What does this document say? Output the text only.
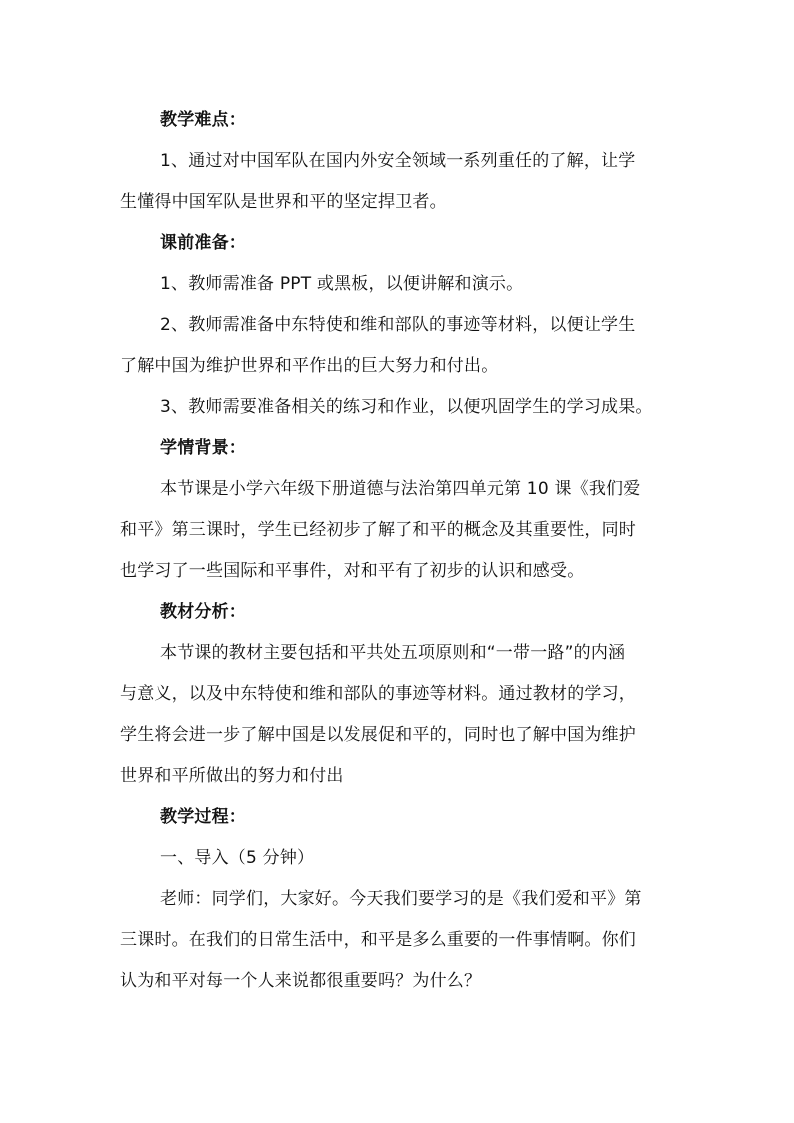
教学难点：
1、通过对中国军队在国内外安全领域一系列重任的了解，让学
生懂得中国军队是世界和平的坚定捍卫者。
课前准备：
1、教师需准备 PPT 或黑板，以便讲解和演示。
2、教师需准备中东特使和维和部队的事迹等材料，以便让学生
了解中国为维护世界和平作出的巨大努力和付出。
3、教师需要准备相关的练习和作业，以便巩固学生的学习成果。
学情背景：
本节课是小学六年级下册道德与法治第四单元第 10 课《我们爱
和平》第三课时，学生已经初步了解了和平的概念及其重要性，同时
也学习了一些国际和平事件，对和平有了初步的认识和感受。
教材分析：
本节课的教材主要包括和平共处五项原则和“一带一路”的内涵
与意义，以及中东特使和维和部队的事迹等材料。通过教材的学习，
学生将会进一步了解中国是以发展促和平的，同时也了解中国为维护
世界和平所做出的努力和付出
教学过程：
一、导入（5 分钟）
老师：同学们，大家好。今天我们要学习的是《我们爱和平》第
三课时。在我们的日常生活中，和平是多么重要的一件事情啊。你们
认为和平对每一个人来说都很重要吗？为什么？
